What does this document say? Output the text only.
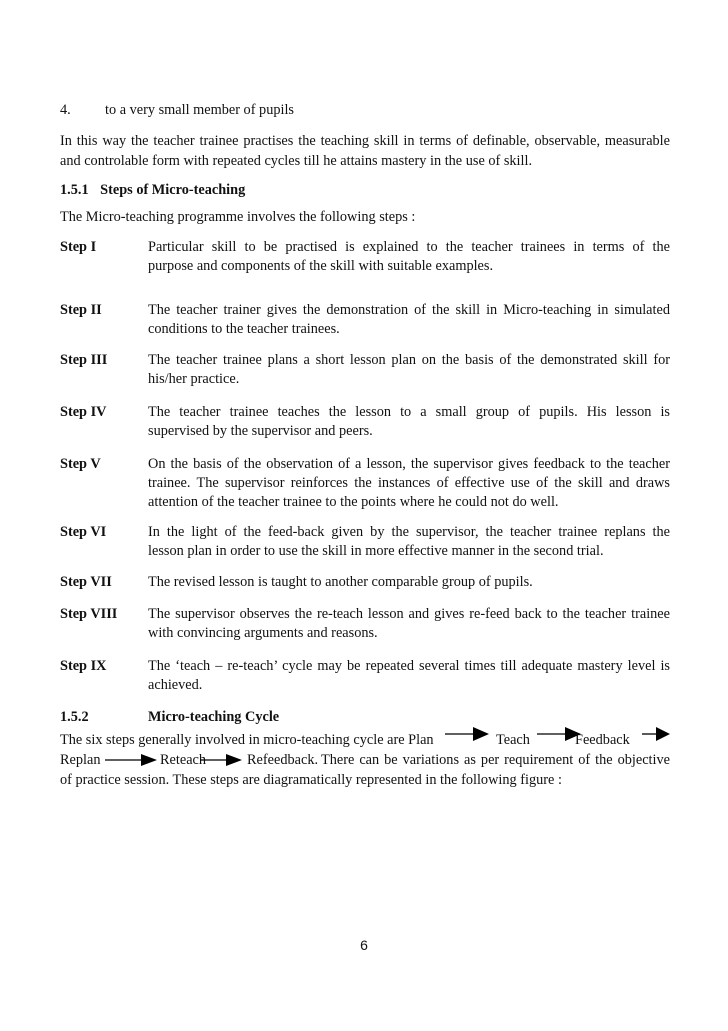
4. to a very small member of pupils
In this way the teacher trainee practises the teaching skill in terms of definable, observable, measurable
and controlable form with repeated cycles till he attains mastery in the use of skill.
1.5.1 Steps of Micro-teaching
The Micro-teaching programme involves the following steps :
Step I	Particular skill to be practised is explained to the teacher trainees in terms of the
purpose and components of the skill with suitable examples.
Step II	The teacher trainer gives the demonstration of the skill in Micro-teaching in simulated
conditions to the teacher trainees.
Step III	The teacher trainee plans a short lesson plan on the basis of the demonstrated skill for
his/her practice.
Step IV	The teacher trainee teaches the lesson to a small group of pupils. His lesson is
supervised by the supervisor and peers.
Step V	On the basis of the observation of a lesson, the supervisor gives feedback to the teacher
trainee. The supervisor reinforces the instances of effective use of the skill and draws
attention of the teacher trainee to the points where he could not do well.
Step VI	In the light of the feed-back given by the supervisor, the teacher trainee replans the
lesson plan in order to use the skill in more effective manner in the second trial.
Step VII	The revised lesson is taught to another comparable group of pupils.
Step VIII The supervisor observes the re-teach lesson and gives re-feed back to the teacher trainee
with convincing arguments and reasons.
Step IX	The ‘teach – re-teach’ cycle may be repeated several times till adequate mastery level is
achieved.
1.5.2	Micro-teaching Cycle
The six steps generally involved in micro-teaching cycle are Plan	Teach	Feedback
Replan	Reteach	Refeedback. There can be variations as per requirement of the objective
of practice session. These steps are diagramatically represented in the following figure :
6
